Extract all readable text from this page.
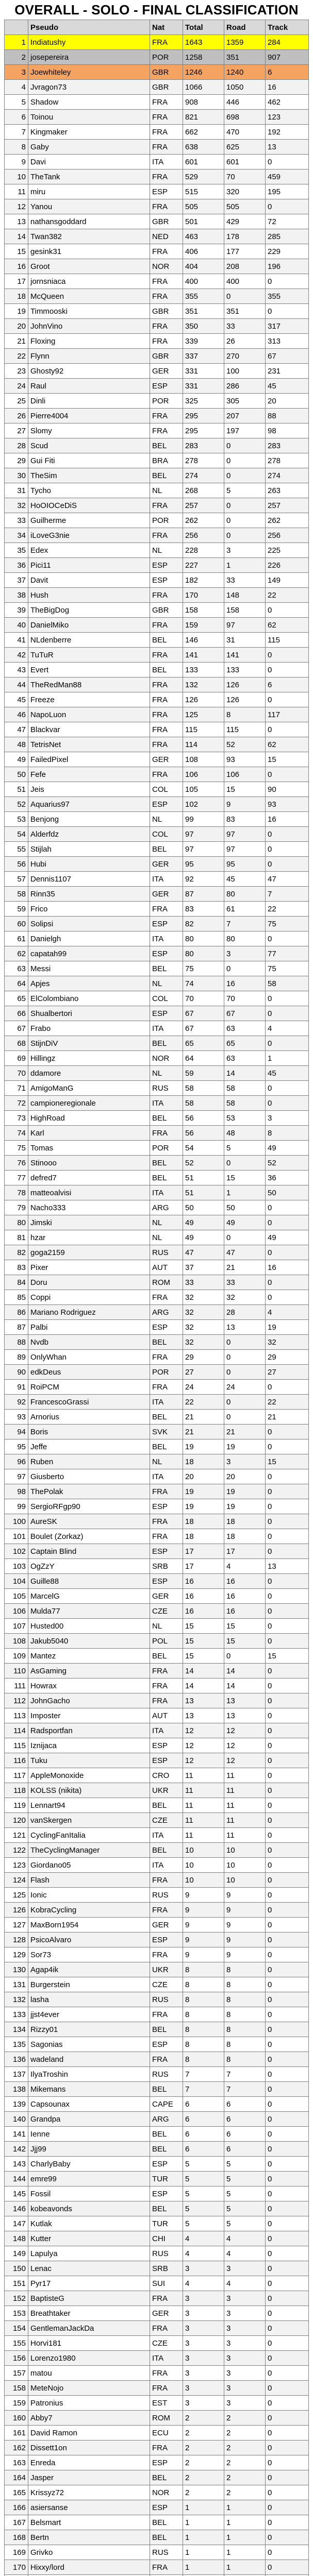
OVERALL - SOLO - FINAL CLASSIFICATION
	Pseudo	Nat	Total	Road	Track
1	Indiatushy	FRA	1643	1359	284
2	josepereira	POR	1258	351	907
3	Joewhiteley	GBR	1246	1240	6
4	Jvragon73	GBR	1066	1050	16
5	Shadow	FRA	908	446	462
6	Toinou	FRA	821	698	123
7	Kingmaker	FRA	662	470	192
8	Gaby	FRA	638	625	13
9	Davi	ITA	601	601	0
10	TheTank	FRA	529	70	459
11	miru	ESP	515	320	195
12	Yanou	FRA	505	505	0
13	nathansgoddard	GBR	501	429	72
14	Twan382	NED	463	178	285
15	gesink31	FRA	406	177	229
16	Groot	NOR	404	208	196
17	jornsniaca	FRA	400	400	0
18	McQueen	FRA	355	0	355
19	Timmooski	GBR	351	351	0
20	JohnVino	FRA	350	33	317
21	Floxing	FRA	339	26	313
22	Flynn	GBR	337	270	67
23	Ghosty92	GER	331	100	231
24	Raul	ESP	331	286	45
25	Dinli	POR	325	305	20
26	Pierre4004	FRA	295	207	88
27	Slomy	FRA	295	197	98
28	Scud	BEL	283	0	283
29	Gui Fiti	BRA	278	0	278
30	TheSim	BEL	274	0	274
31	Tycho	NL	268	5	263
32	HoOIOCeDiS	FRA	257	0	257
33	Guilherme	POR	262	0	262
34	iLoveG3nie	FRA	256	0	256
35	Edex	NL	228	3	225
36	Pici11	ESP	227	1	226
37	Davit	ESP	182	33	149
38	Hush	FRA	170	148	22
39	TheBigDog	GBR	158	158	0
40	DanielMiko	FRA	159	97	62
41	NLdenberre	BEL	146	31	115
42	TuTuR	FRA	141	141	0
43	Evert	BEL	133	133	0
44	TheRedMan88	FRA	132	126	6
45	Freeze	FRA	126	126	0
46	NapoLuon	FRA	125	8	117
47	Blackvar	FRA	115	115	0
48	TetrisNet	FRA	114	52	62
49	FailedPixel	GER	108	93	15
50	Fefe	FRA	106	106	0
51	Jeis	COL	105	15	90
52	Aquarius97	ESP	102	9	93
53	Benjong	NL	99	83	16
54	Alderfdz	COL	97	97	0
55	Stijlah	BEL	97	97	0
56	Hubi	GER	95	95	0
57	Dennis1107	ITA	92	45	47
58	Rinn35	GER	87	80	7
59	Frico	FRA	83	61	22
60	Solipsi	ESP	82	7	75
61	Danielgh	ITA	80	80	0
62	capatah99	ESP	80	3	77
63	Messi	BEL	75	0	75
64	Apjes	NL	74	16	58
65	ElColombiano	COL	70	70	0
66	Shualbertori	ESP	67	67	0
67	Frabo	ITA	67	63	4
68	StijnDiV	BEL	65	65	0
69	Hillingz	NOR	64	63	1
70	ddamore	NL	59	14	45
71	AmigoManG	RUS	58	58	0
72	campioneregionale	ITA	58	58	0
73	HighRoad	BEL	56	53	3
74	Karl	FRA	56	48	8
75	Tomas	POR	54	5	49
76	Stinooo	BEL	52	0	52
77	defred7	BEL	51	15	36
78	matteoalvisi	ITA	51	1	50
79	Nacho333	ARG	50	50	0
80	Jimski	NL	49	49	0
81	hzar	NL	49	0	49
82	goga2159	RUS	47	47	0
83	Pixer	AUT	37	21	16
84	Doru	ROM	33	33	0
85	Coppi	FRA	32	32	0
86	Mariano Rodriguez	ARG	32	28	4
87	Palbi	ESP	32	13	19
88	Nvdb	BEL	32	0	32
89	OnlyWhan	FRA	29	0	29
90	edkDeus	POR	27	0	27
91	RoiPCM	FRA	24	24	0
92	FrancescoGrassi	ITA	22	0	22
93	Arnorius	BEL	21	0	21
94	Boris	SVK	21	21	0
95	Jeffe	BEL	19	19	0
96	Ruben	NL	18	3	15
97	Giusberto	ITA	20	20	0
98	ThePolak	FRA	19	19	0
99	SergioRFgp90	ESP	19	19	0
100	AureSK	FRA	18	18	0
101	Boulet (Zorkaz)	FRA	18	18	0
102	Captain Blind	ESP	17	17	0
103	OgZzY	SRB	17	4	13
104	Guille88	ESP	16	16	0
105	MarcelG	GER	16	16	0
106	Mulda77	CZE	16	16	0
107	Husted00	NL	15	15	0
108	Jakub5040	POL	15	15	0
109	Mantez	BEL	15	0	15
110	AsGaming	FRA	14	14	0
111	Howrax	FRA	14	14	0
112	JohnGacho	FRA	13	13	0
113	Imposter	AUT	13	13	0
114	Radsportfan	ITA	12	12	0
115	Iznijaca	ESP	12	12	0
116	Tuku	ESP	12	12	0
117	AppleMonoxide	CRO	11	11	0
118	KOLSS (nikita)	UKR	11	11	0
119	Lennart94	BEL	11	11	0
120	vanSkergen	CZE	11	11	0
121	CyclingFanItalia	ITA	11	11	0
122	TheCyclingManager	BEL	10	10	0
123	Giordano05	ITA	10	10	0
124	Flash	FRA	10	10	0
125	Ionic	RUS	9	9	0
126	KobraCycling	FRA	9	9	0
127	MaxBorn1954	GER	9	9	0
128	PsicoAlvaro	ESP	9	9	0
129	Sor73	FRA	9	9	0
130	Agap4ik	UKR	8	8	0
131	Burgerstein	CZE	8	8	0
132	lasha	RUS	8	8	0
133	jjst4ever	FRA	8	8	0
134	Rizzy01	BEL	8	8	0
135	Sagonias	ESP	8	8	0
136	wadeland	FRA	8	8	0
137	IlyaTroshin	RUS	7	7	0
138	Mikemans	BEL	7	7	0
139	Capsounax	CAPE	6	6	0
140	Grandpa	ARG	6	6	0
141	Ienne	BEL	6	6	0
142	Jjj99	BEL	6	6	0
143	CharlyBaby	ESP	5	5	0
144	emre99	TUR	5	5	0
145	Fossil	ESP	5	5	0
146	kobeavonds	BEL	5	5	0
147	Kutlak	TUR	5	5	0
148	Kutter	CHI	4	4	0
149	Lapulya	RUS	4	4	0
150	Lenac	SRB	3	3	0
151	Pyr17	SUI	4	4	0
152	BaptisteG	FRA	3	3	0
153	Breathtaker	GER	3	3	0
154	GentlemanJackDa	FRA	3	3	0
155	Horvi181	CZE	3	3	0
156	Lorenzo1980	ITA	3	3	0
157	matou	FRA	3	3	0
158	MeteNojo	FRA	3	3	0
159	Patronius	EST	3	3	0
160	Abby7	ROM	2	2	0
161	David Ramon	ECU	2	2	0
162	Dissett1on	FRA	2	2	0
163	Enreda	ESP	2	2	0
164	Jasper	BEL	2	2	0
165	Krissyz72	NOR	2	2	0
166	asiersanse	ESP	1	1	0
167	Belsmart	BEL	1	1	0
168	Bertn	BEL	1	1	0
169	Grivko	RUS	1	1	0
170	Hixxy/lord	FRA	1	1	0
